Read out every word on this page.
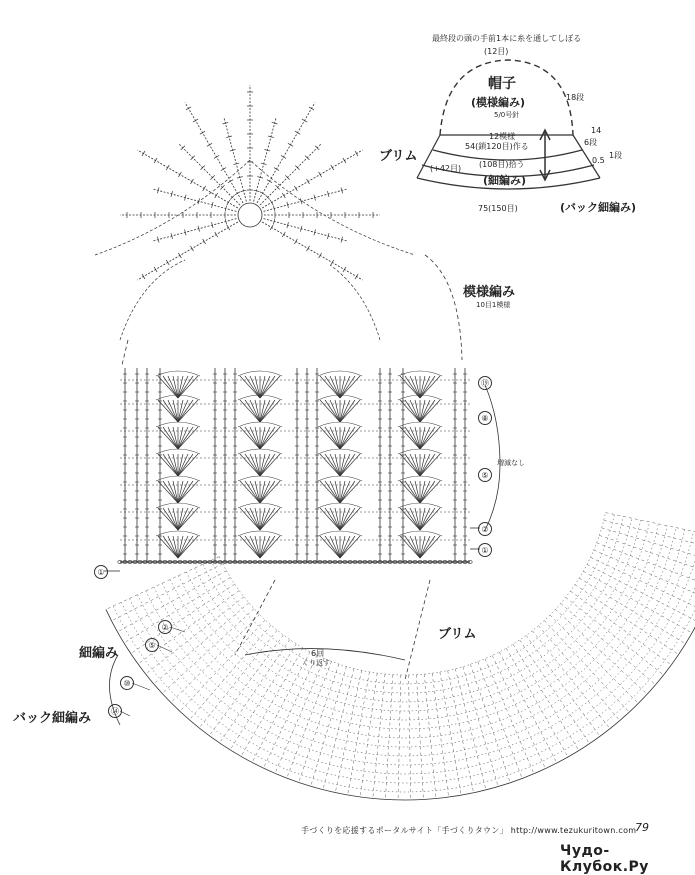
最終段の頭の手前1本に糸を通してしぼる
(12目)
帽子
(模様編み)
5/0号針
18段
12模様
54(鎖120目)作る
ブリム
(+42目) (108目)拾う
(細編み)
14
6段
0.5
1段
75(150目)	(バック細編み)
模様編み
10目1模様
増減なし
⑲
⑧
⑤
②
①
①
ブリム
細編み
バック細編み
②
⑤
⑩
⑭
6回
くり返す
手づくりを応援するポータルサイト「手づくりタウン」 http://www.tezukuritown.com
79
Чудо-Клубок.Ру
